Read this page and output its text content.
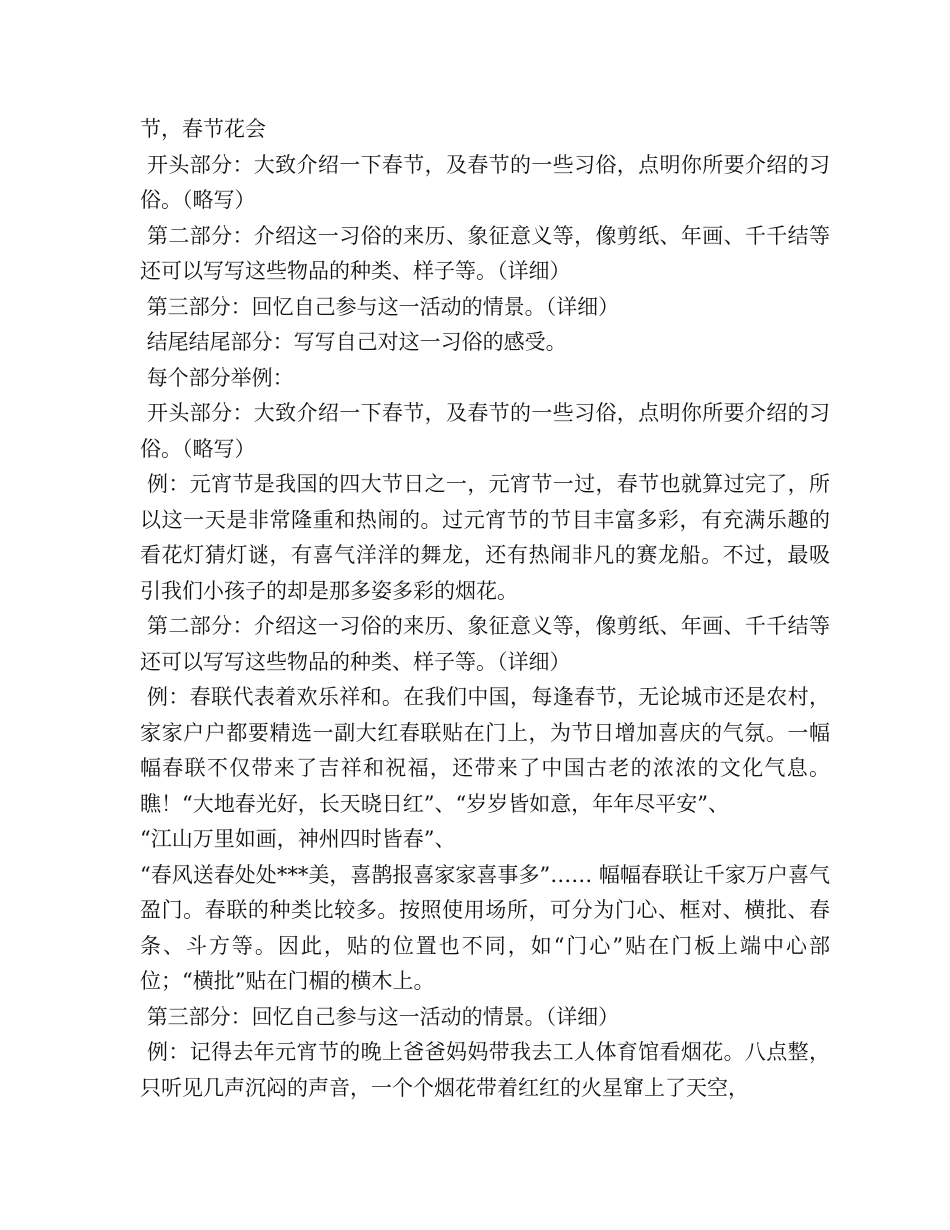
节，春节花会

开头部分：大致介绍一下春节，及春节的一些习俗，点明你所要介绍的习俗。（略写）

第二部分：介绍这一习俗的来历、象征意义等，像剪纸、年画、千千结等还可以写写这些物品的种类、样子等。（详细）

第三部分：回忆自己参与这一活动的情景。（详细）

结尾结尾部分：写写自己对这一习俗的感受。

每个部分举例：

开头部分：大致介绍一下春节，及春节的一些习俗，点明你所要介绍的习俗。（略写）

例：元宵节是我国的四大节日之一，元宵节一过，春节也就算过完了，所以这一天是非常隆重和热闹的。过元宵节的节目丰富多彩，有充满乐趣的看花灯猜灯谜，有喜气洋洋的舞龙，还有热闹非凡的赛龙船。不过，最吸引我们小孩子的却是那多姿多彩的烟花。

第二部分：介绍这一习俗的来历、象征意义等，像剪纸、年画、千千结等还可以写写这些物品的种类、样子等。（详细）

例：春联代表着欢乐祥和。在我们中国，每逢春节，无论城市还是农村，家家户户都要精选一副大红春联贴在门上，为节日增加喜庆的气氛。一幅幅春联不仅带来了吉祥和祝福，还带来了中国古老的浓浓的文化气息。瞧！“大地春光好，长天晓日红”、“岁岁皆如意，年年尽平安”、

“江山万里如画，神州四时皆春”、

“春风送春处处***美，喜鹊报喜家家喜事多”…… 幅幅春联让千家万户喜气盈门。春联的种类比较多。按照使用场所，可分为门心、框对、横批、春条、斗方等。因此，贴的位置也不同，如“门心”贴在门板上端中心部位；“横批”贴在门楣的横木上。

第三部分：回忆自己参与这一活动的情景。（详细）

例：记得去年元宵节的晚上爸爸妈妈带我去工人体育馆看烟花。八点整，只听见几声沉闷的声音，一个个烟花带着红红的火星窜上了天空，
